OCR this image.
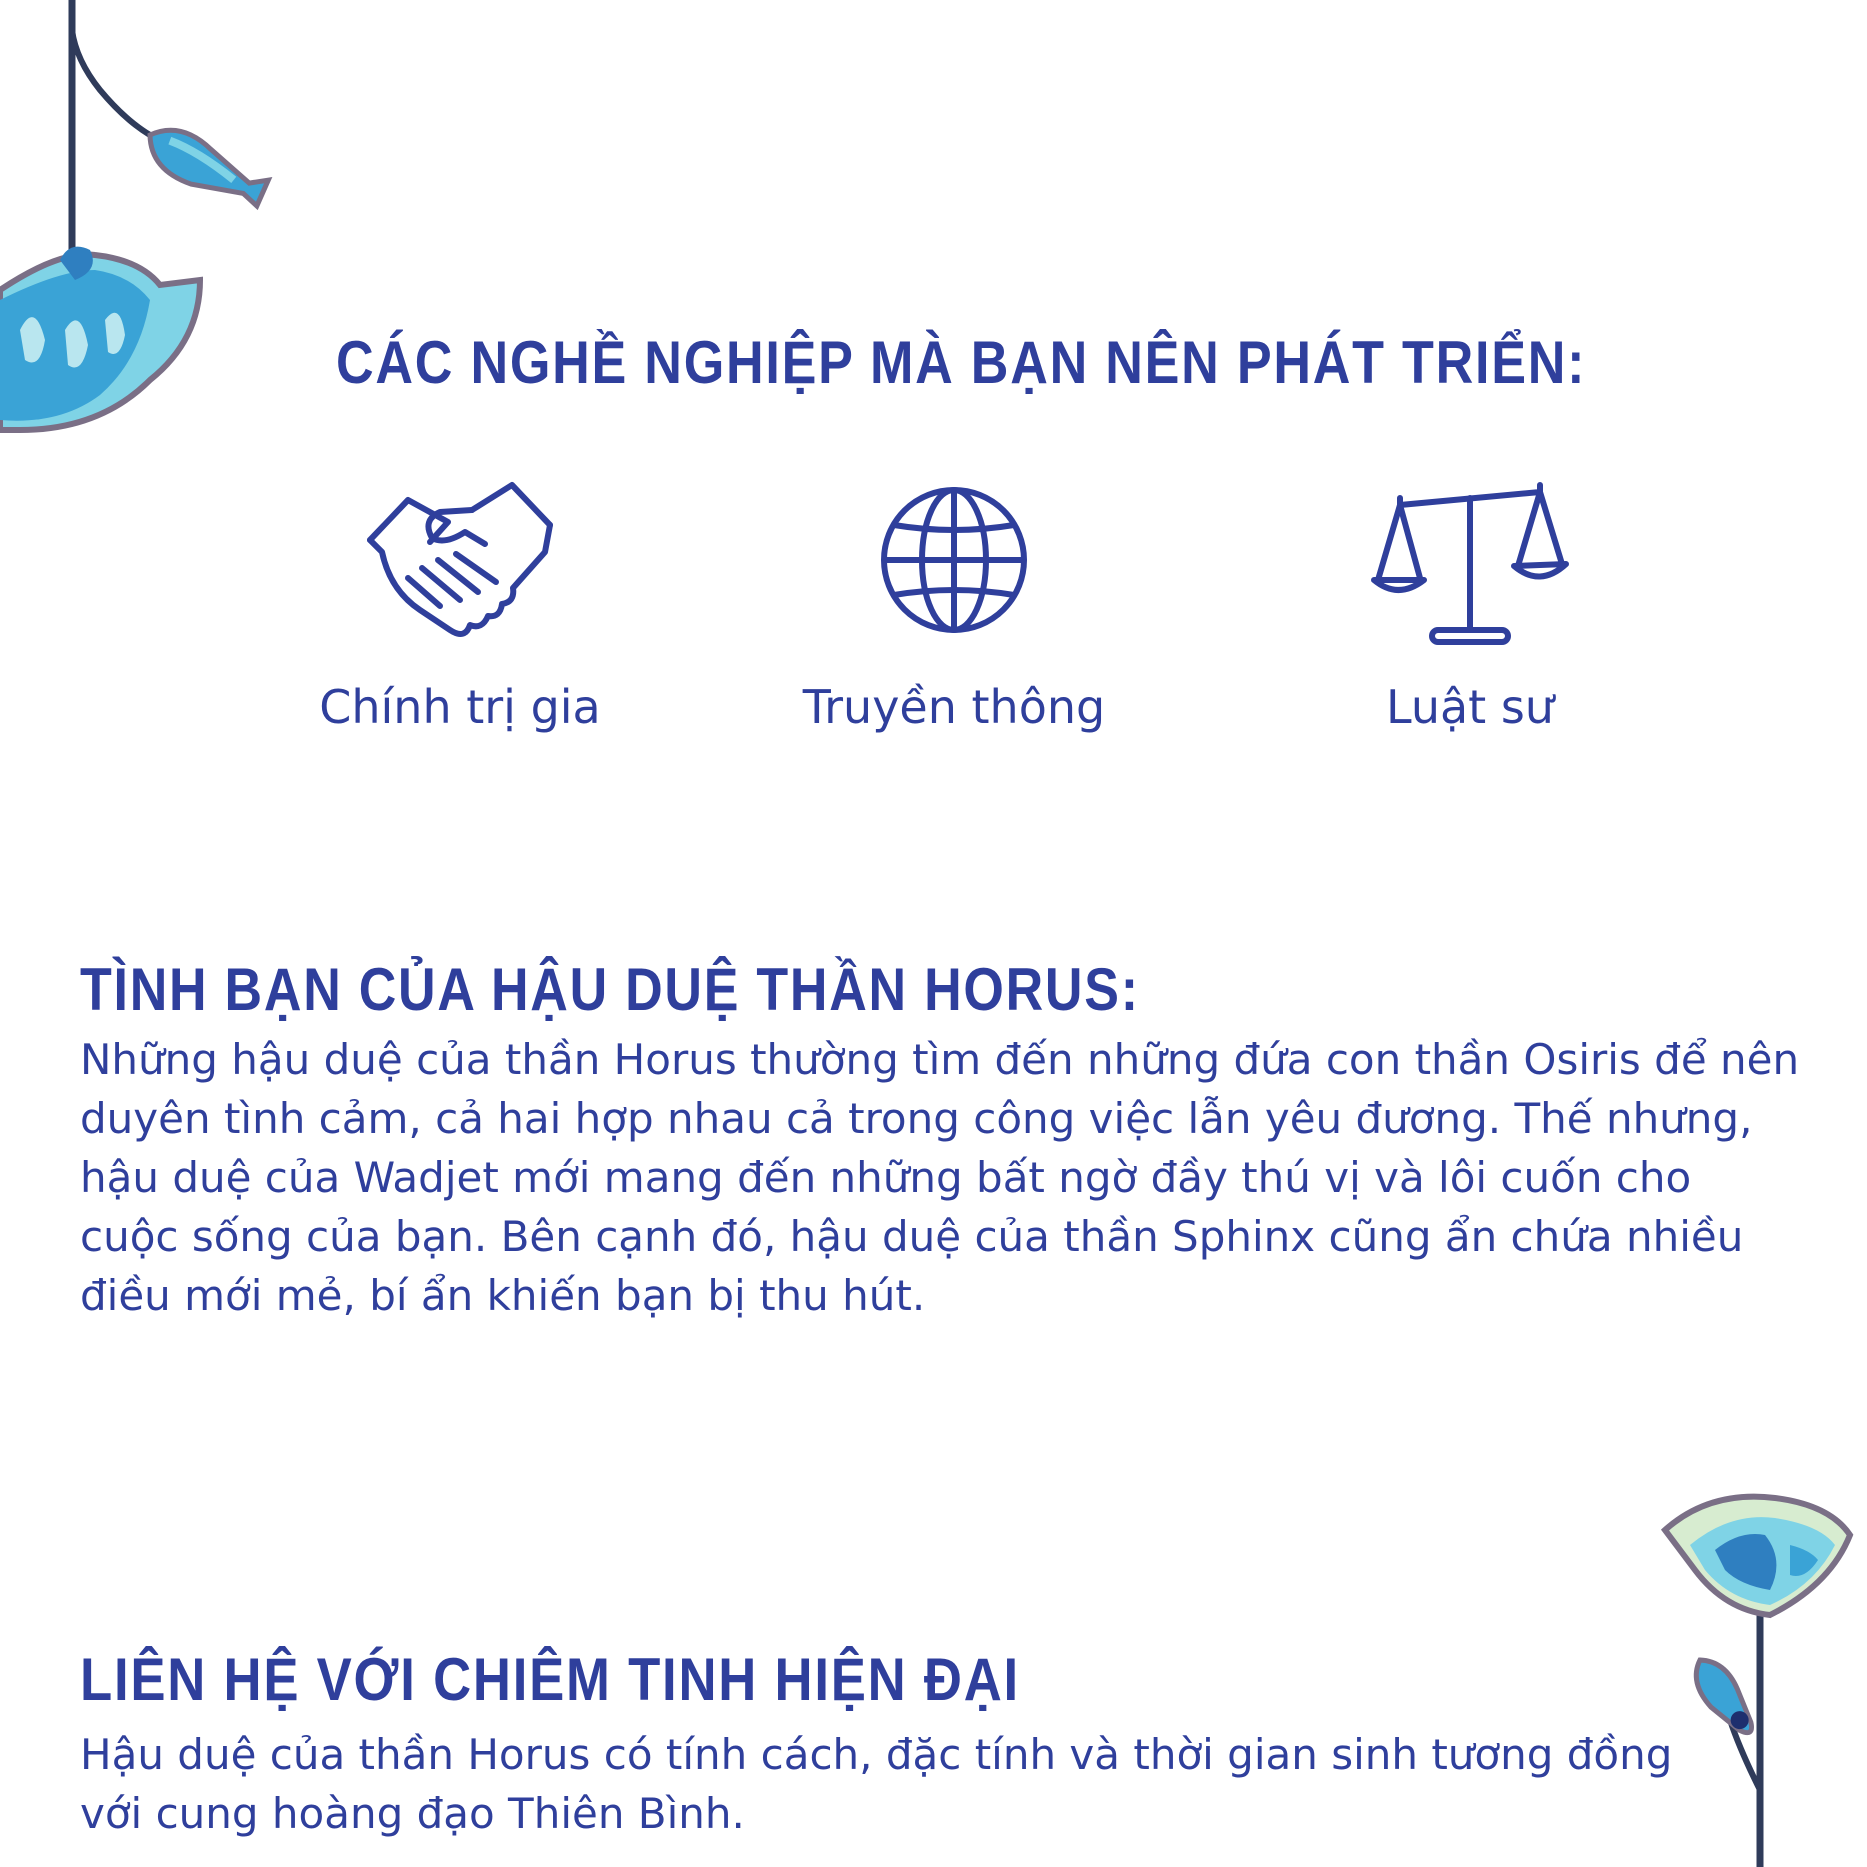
CÁC NGHỀ NGHIỆP MÀ BẠN NÊN PHÁT TRIỂN:
Chính trị gia	Truyền thông	Luật sư
TÌNH BẠN CỦA HẬU DUỆ THẦN HORUS:

Những hậu duệ của thần Horus thường tìm đến những đứa con thần Osiris để nên duyên tình cảm, cả hai hợp nhau cả trong công việc lẫn yêu đương. Thế nhưng, hậu duệ của Wadjet mới mang đến những bất ngờ đầy thú vị và lôi cuốn cho cuộc sống của bạn. Bên cạnh đó, hậu duệ của thần Sphinx cũng ẩn chứa nhiều điều mới mẻ, bí ẩn khiến bạn bị thu hút.

LIÊN HỆ VỚI CHIÊM TINH HIỆN ĐẠI

Hậu duệ của thần Horus có tính cách, đặc tính và thời gian sinh tương đồng với cung hoàng đạo Thiên Bình.
